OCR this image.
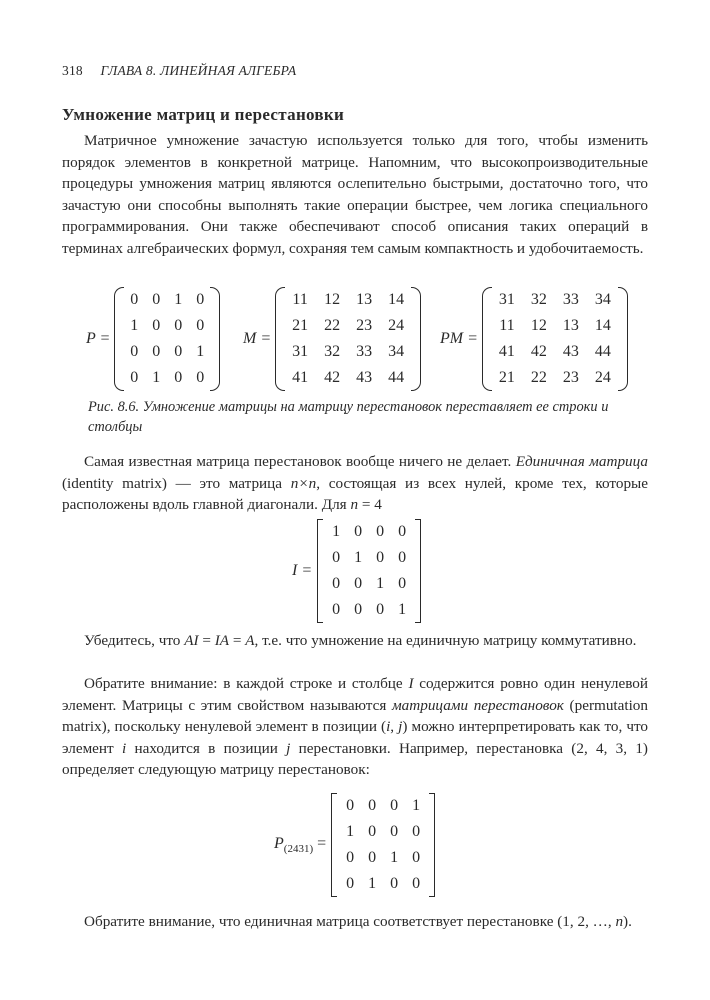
318 ГЛАВА 8. ЛИНЕЙНАЯ АЛГЕБРА
Умножение матриц и перестановки

Матричное умножение зачастую используется только для того, чтобы изменить порядок элементов в конкретной матрице. Напомним, что высокопроизводительные процедуры умножения матриц являются ослепительно быстрыми, достаточно того, что зачастую они способны выполнять такие операции быстрее, чем логика специального программирования. Они также обеспечивают способ описания таких операций в терминах алгебраических формул, сохраняя тем самым компактность и удобочитаемость.

P =
0 0 1 0
1 0 0 0
0 0 0 1
0 1 0 0
M =
11	12	13	14
21	22	23	24
31	32	33	34
41	42	43	44
PM =
31	32	33	34
11	12	13	14
41	42	43	44
21	22	23	24
Рис. 8.6. Умножение матрицы на матрицу перестановок переставляет ее строки и столбцы

Самая известная матрица перестановок вообще ничего не делает. Единичная матрица (identity matrix) — это матрица n×n, состоящая из всех нулей, кроме тех, которые расположены вдоль главной диагонали. Для n = 4

I =
1 0 0 0
0 1 0 0
0 0 1 0
0 0 0 1

Убедитесь, что AI = IA = A, т.е. что умножение на единичную матрицу коммутативно.

Обратите внимание: в каждой строке и столбце I содержится ровно один ненулевой элемент. Матрицы с этим свойством называются матрицами перестановок (permutation matrix), поскольку ненулевой элемент в позиции (i, j) можно интерпретировать как то, что элемент i находится в позиции j перестановки. Например, перестановка (2, 4, 3, 1) определяет следующую матрицу перестановок:

$P_{(2431)}$ =
0 0 0 1
1 0 0 0
0 0 1 0
0 1 0 0

Обратите внимание, что единичная матрица соответствует перестановке (1, 2, …, n).
